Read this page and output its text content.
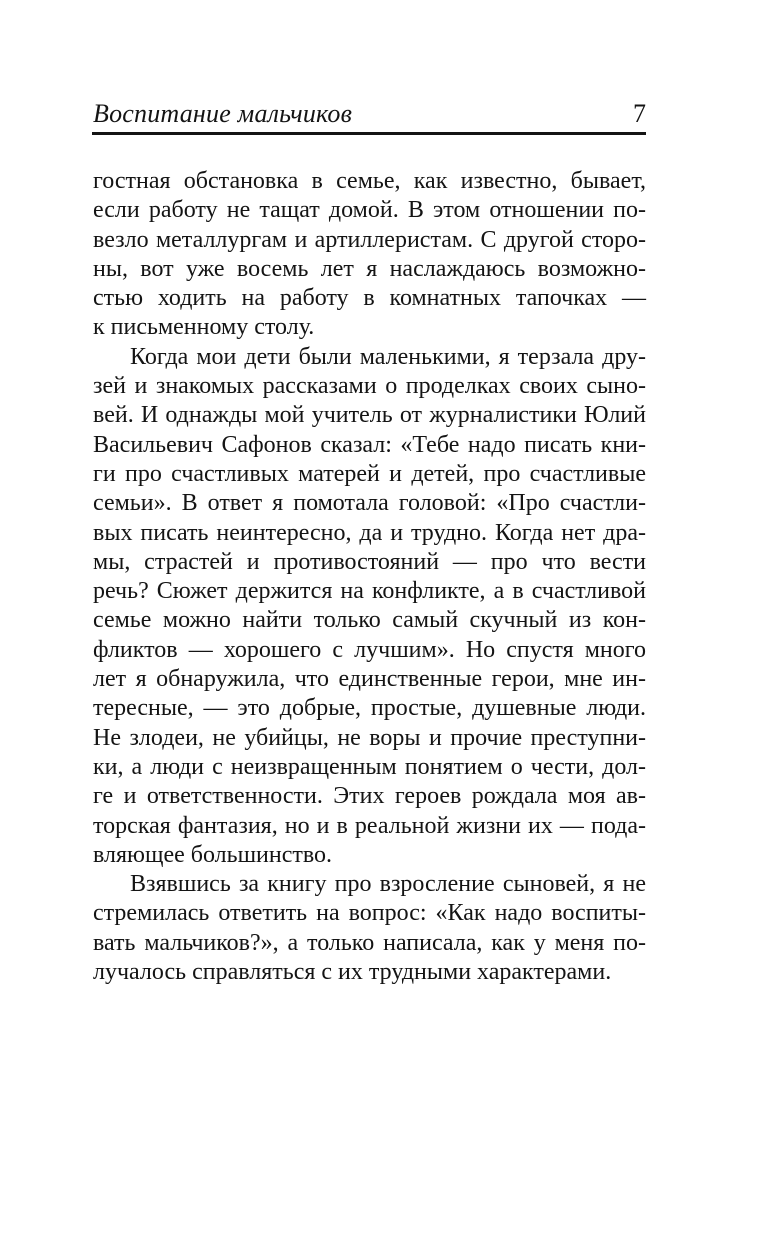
Воспитание мальчиков	7
гостная обстановка в семье, как известно, бывает,
если работу не тащат домой. В этом отношении по-
везло металлургам и артиллеристам. С другой сторо-
ны, вот уже восемь лет я наслаждаюсь возможно-
стью ходить на работу в комнатных тапочках —
к письменному столу.
Когда мои дети были маленькими, я терзала дру-
зей и знакомых рассказами о проделках своих сыно-
вей. И однажды мой учитель от журналистики Юлий
Васильевич Сафонов сказал: «Тебе надо писать кни-
ги про счастливых матерей и детей, про счастливые
семьи». В ответ я помотала головой: «Про счастли-
вых писать неинтересно, да и трудно. Когда нет дра-
мы, страстей и противостояний — про что вести
речь? Сюжет держится на конфликте, а в счастливой
семье можно найти только самый скучный из кон-
фликтов — хорошего с лучшим». Но спустя много
лет я обнаружила, что единственные герои, мне ин-
тересные, — это добрые, простые, душевные люди.
Не злодеи, не убийцы, не воры и прочие преступни-
ки, а люди с неизвращенным понятием о чести, дол-
ге и ответственности. Этих героев рождала моя ав-
торская фантазия, но и в реальной жизни их — пода-
вляющее большинство.
Взявшись за книгу про взросление сыновей, я не
стремилась ответить на вопрос: «Как надо воспиты-
вать мальчиков?», а только написала, как у меня по-
лучалось справляться с их трудными характерами.
